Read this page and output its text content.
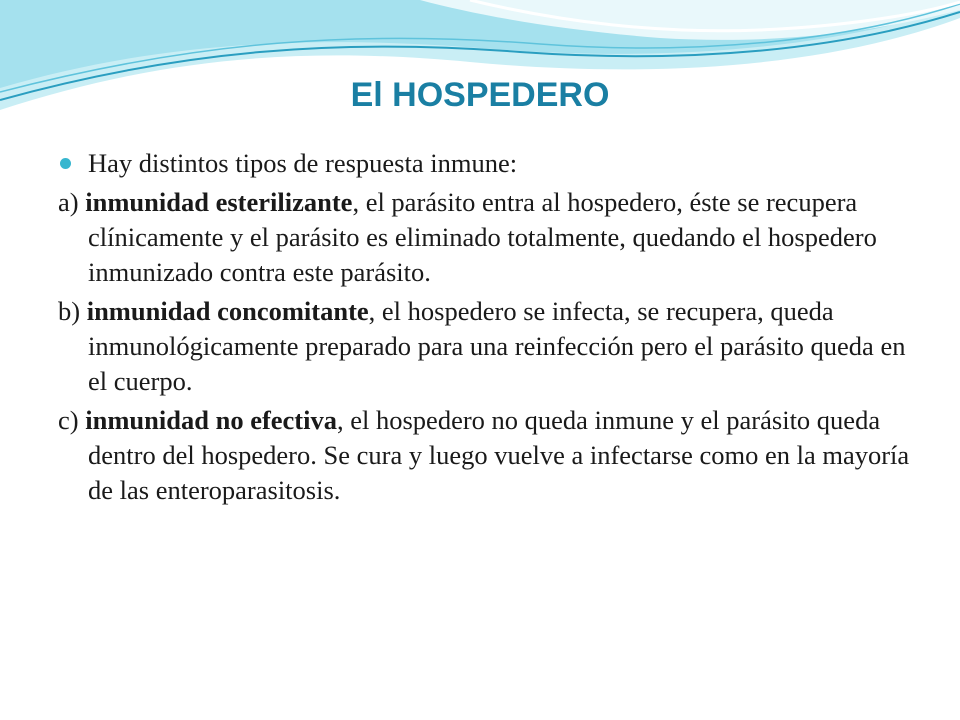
El HOSPEDERO

Hay distintos tipos de respuesta inmune:

a) inmunidad esterilizante, el parásito entra al hospedero, éste se recupera clínicamente y el parásito es eliminado totalmente, quedando el hospedero inmunizado contra este parásito.

b) inmunidad concomitante, el hospedero se infecta, se recupera, queda inmunológicamente preparado para una reinfección pero el parásito queda en el cuerpo.

c) inmunidad no efectiva, el hospedero no queda inmune y el parásito queda dentro del hospedero. Se cura y luego vuelve a infectarse como en la mayoría de las enteroparasitosis.
